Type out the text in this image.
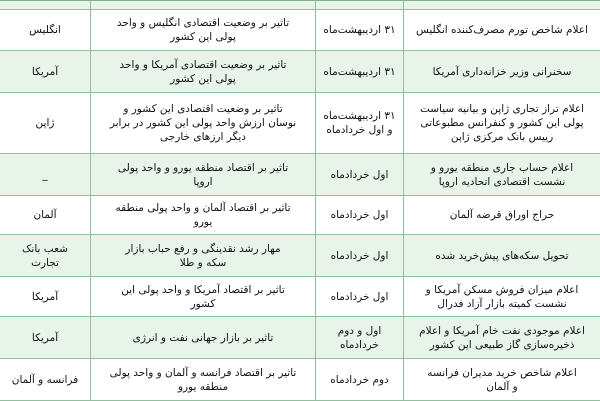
اعلام شاخص تورم مصرف‌کننده انگلیس
۳۱ اردیبهشت‌ماه
تاثیر بر وضعیت اقتصادی انگلیس و واحد
پولی این کشور
انگلیس
سخنرانی وزیر خزانه‌داری آمریکا
۳۱ اردیبهشت‌ماه
تاثیر بر وضعیت اقتصادی آمریکا و واحد
پولی این کشور
آمریکا
اعلام تراز تجاری ژاپن و بیانیه سیاست
پولی این کشور و کنفرانس مطبوعاتی
رییس بانک مرکزی ژاپن
۳۱ اردیبهشت‌ماه
و اول خردادماه
تاثیر بر وضعیت اقتصادی این کشور و
نوسان ارزش واحد پولی این کشور در برابر
دیگر ارزهای خارجی
ژاپن
اعلام حساب جاری منطقه یورو و
نشست اقتصادی اتحادیه اروپا
اول خردادماه
تاثیر بر اقتصاد منطقه یورو و واحد پولی
اروپا
_
حراج اوراق قرضه آلمان
اول خردادماه
تاثیر بر اقتصاد آلمان و واحد پولی منطقه
یورو
آلمان
تحویل سکه‌های پیش‌خرید شده
اول خردادماه
مهار رشد نقدینگی و رفع حباب بازار
سکه و طلا
شعب بانک
تجارت
اعلام میزان فروش مسکن آمریکا و
نشست کمیته بازار آزاد فدرال
اول خردادماه
تاثیر بر اقتصاد آمریکا و واحد پولی این
کشور
آمریکا
اعلام موجودی نفت خام آمریکا و اعلام
ذخیره‌سازی گاز طبیعی این کشور
اول و دوم
خردادماه
تاثیر بر بازار جهانی نفت و انرژی
آمریکا
اعلام شاخص خرید مدیران فرانسه
و آلمان
دوم خردادماه
تاثیر بر اقتصاد فرانسه و آلمان و واحد پولی
منطقه یورو
فرانسه و آلمان
